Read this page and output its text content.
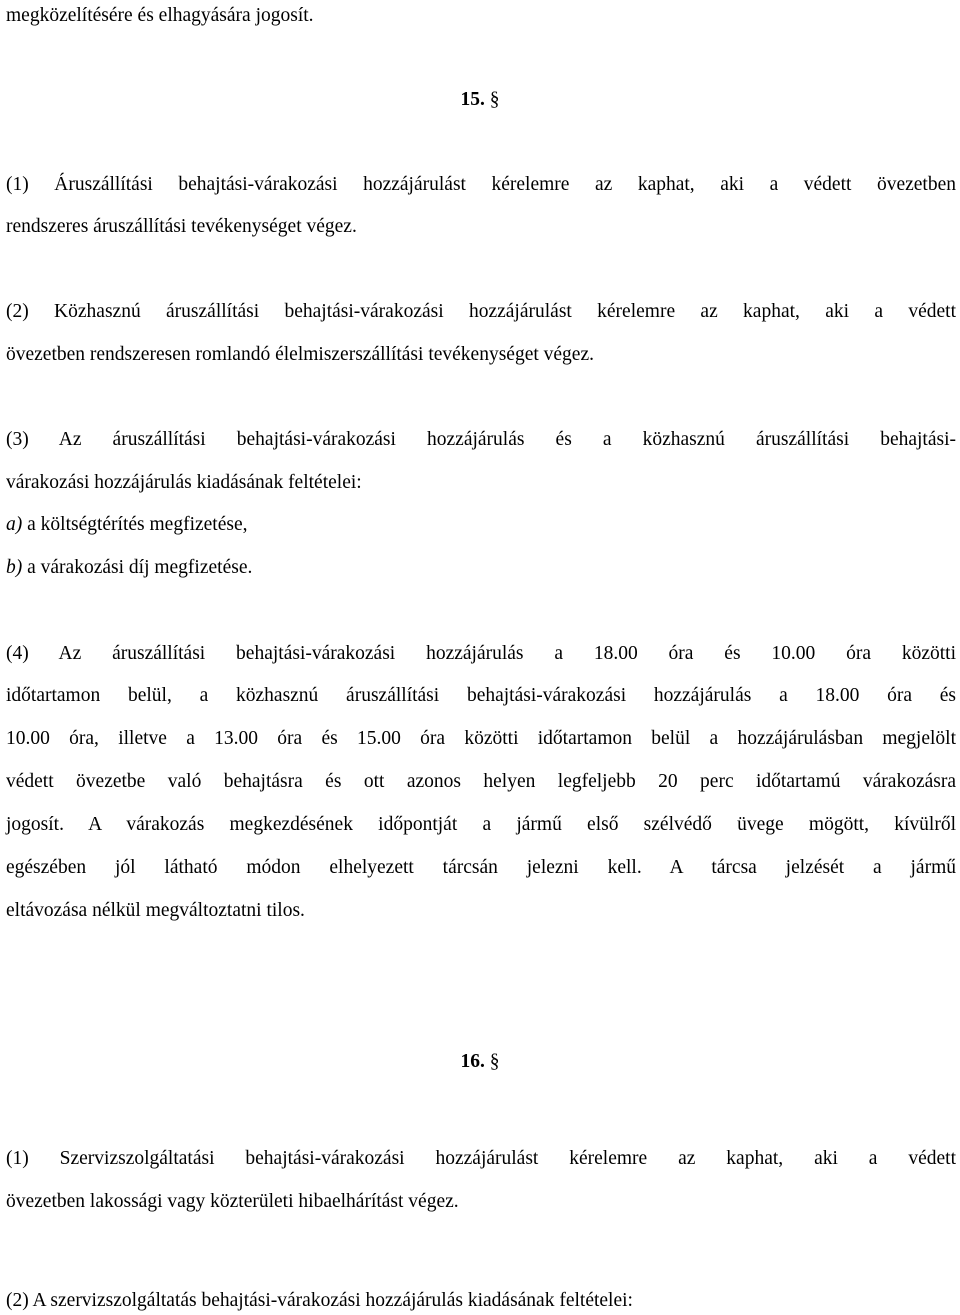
megközelítésére és elhagyására jogosít.
15. §
(1) Áruszállítási behajtási-várakozási hozzájárulást kérelemre az kaphat, aki a védett övezetben
rendszeres áruszállítási tevékenységet végez.
(2) Közhasznú áruszállítási behajtási-várakozási hozzájárulást kérelemre az kaphat, aki a védett
övezetben rendszeresen romlandó élelmiszerszállítási tevékenységet végez.
(3) Az áruszállítási behajtási-várakozási hozzájárulás és a közhasznú áruszállítási behajtási-
várakozási hozzájárulás kiadásának feltételei:
a) a költségtérítés megfizetése,
b) a várakozási díj megfizetése.
(4) Az áruszállítási behajtási-várakozási hozzájárulás a 18.00 óra és 10.00 óra közötti
időtartamon belül, a közhasznú áruszállítási behajtási-várakozási hozzájárulás a 18.00 óra és
10.00 óra, illetve a 13.00 óra és 15.00 óra közötti időtartamon belül a hozzájárulásban megjelölt
védett övezetbe való behajtásra és ott azonos helyen legfeljebb 20 perc időtartamú várakozásra
jogosít. A várakozás megkezdésének időpontját a jármű első szélvédő üvege mögött, kívülről
egészében jól látható módon elhelyezett tárcsán jelezni kell. A tárcsa jelzését a jármű
eltávozása nélkül megváltoztatni tilos.
16. §
(1) Szervizszolgáltatási behajtási-várakozási hozzájárulást kérelemre az kaphat, aki a védett
övezetben lakossági vagy közterületi hibaelhárítást végez.
(2) A szervizszolgáltatás behajtási-várakozási hozzájárulás kiadásának feltételei:
